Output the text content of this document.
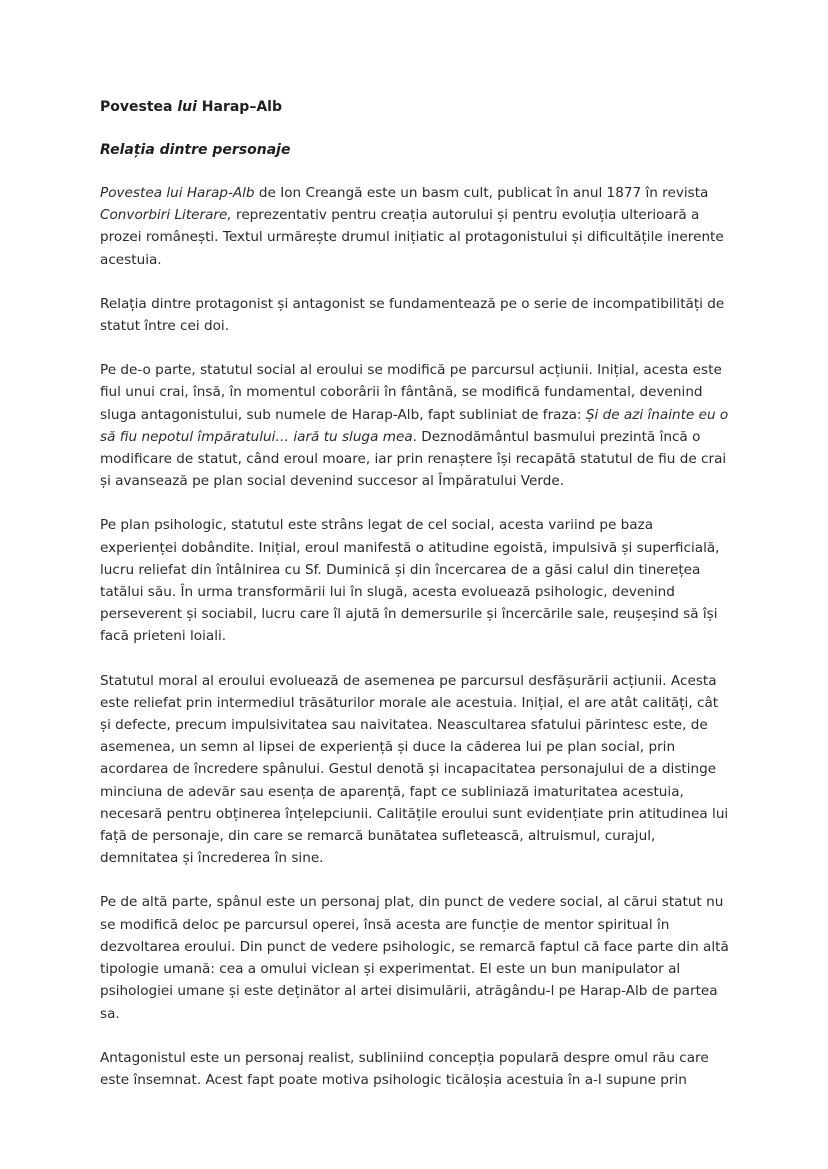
Povestea lui Harap–Alb
Relația dintre personaje

Povestea lui Harap-Alb de Ion Creangă este un basm cult, publicat în anul 1877 în revista Convorbiri Literare, reprezentativ pentru creația autorului și pentru evoluția ulterioară a prozei românești. Textul urmărește drumul inițiatic al protagonistului și dificultățile inerente acestuia.

Relația dintre protagonist și antagonist se fundamentează pe o serie de incompatibilități de statut între cei doi.

Pe de-o parte, statutul social al eroului se modifică pe parcursul acțiunii. Inițial, acesta este fiul unui crai, însă, în momentul coborârii în fântână, se modifică fundamental, devenind sluga antagonistului, sub numele de Harap-Alb, fapt subliniat de fraza: Și de azi înainte eu o să fiu nepotul împăratului… iară tu sluga mea. Deznodământul basmului prezintă încă o modificare de statut, când eroul moare, iar prin renaștere își recapătă statutul de fiu de crai și avansează pe plan social devenind succesor al Împăratului Verde.

Pe plan psihologic, statutul este strâns legat de cel social, acesta variind pe baza experienței dobândite. Inițial, eroul manifestă o atitudine egoistă, impulsivă și superficială, lucru reliefat din întâlnirea cu Sf. Duminică și din încercarea de a găsi calul din tinerețea tatălui său. În urma transformării lui în slugă, acesta evoluează psihologic, devenind perseverent și sociabil, lucru care îl ajută în demersurile și încercările sale, reușeșind să își facă prieteni loiali.

Statutul moral al eroului evoluează de asemenea pe parcursul desfășurării acțiunii. Acesta este reliefat prin intermediul trăsăturilor morale ale acestuia. Inițial, el are atât calități, cât și defecte, precum impulsivitatea sau naivitatea. Neascultarea sfatului părintesc este, de asemenea, un semn al lipsei de experiență și duce la căderea lui pe plan social, prin acordarea de încredere spânului. Gestul denotă și incapacitatea personajului de a distinge minciuna de adevăr sau esența de aparență, fapt ce subliniază imaturitatea acestuia, necesară pentru obținerea înțelepciunii. Calitățile eroului sunt evidențiate prin atitudinea lui față de personaje, din care se remarcă bunătatea sufletească, altruismul, curajul, demnitatea și încrederea în sine.

Pe de altă parte, spânul este un personaj plat, din punct de vedere social, al cărui statut nu se modifică deloc pe parcursul operei, însă acesta are funcție de mentor spiritual în dezvoltarea eroului. Din punct de vedere psihologic, se remarcă faptul că face parte din altă tipologie umană: cea a omului viclean și experimentat. El este un bun manipulator al psihologiei umane și este deținător al artei disimulării, atrăgându-l pe Harap-Alb de partea sa.

Antagonistul este un personaj realist, subliniind concepția populară despre omul rău care este însemnat. Acest fapt poate motiva psihologic ticăloșia acestuia în a-l supune prin
